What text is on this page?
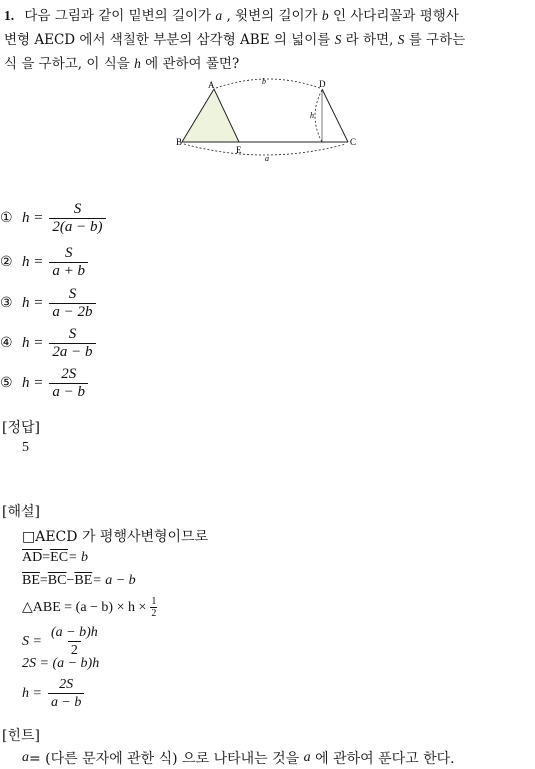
1. 다음 그림과 같이 밑변의 길이가 a , 윗변의 길이가 b 인 사다리꼴과 평행사
변형 AECD 에서 색칠한 부분의 삼각형 ABE 의 넓이를 S 라 하면, S 를 구하는
식 을 구하고, 이 식을 h 에 관하여 풀면?
A
B
E
D
C
b
a
h
① $h = \frac{S}{2(a - b)}$
② $h = \frac{S}{a + b}$
③ $h = \frac{S}{a - 2b}$
④ $h = \frac{S}{2a - b}$
⑤ $h = \frac{2S}{a - b}$
[정답]
5
[해설]
□AECD 가 평행사변형이므로
$\overline{AD} = \overline{EC} = b$
$\overline{BE} = \overline{BC} - \overline{BE} = a - b$
△ABE = $(a - b) \times h \times \frac{1}{2}$
$S = \frac{(a - b)h}{2}$
2S = (a − b)h
$h = \frac{2S}{a - b}$
[힌트]
a = (다른 문자에 관한 식) 으로 나타내는 것을
a
에 관하여 푼다고 한다.
